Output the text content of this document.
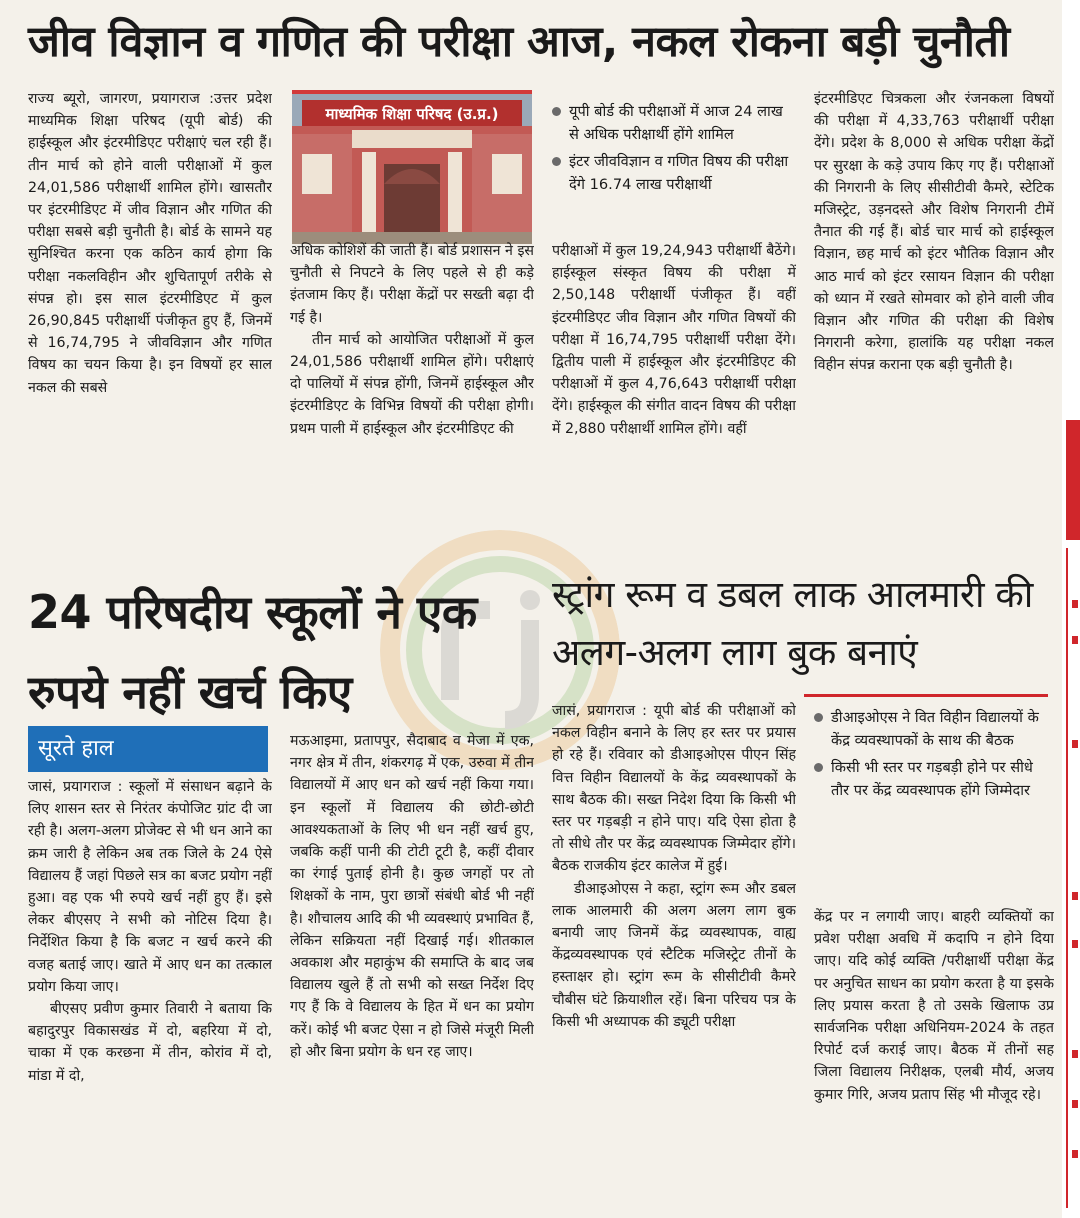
जीव विज्ञान व गणित की परीक्षा आज, नकल रोकना बड़ी चुनौती

राज्य ब्यूरो, जागरण, प्रयागराज :उत्तर प्रदेश माध्यमिक शिक्षा परिषद (यूपी बोर्ड) की हाईस्कूल और इंटरमीडिएट परीक्षाएं चल रही हैं। तीन मार्च को होने वाली परीक्षाओं में कुल 24,01,586 परीक्षार्थी शामिल होंगे। खासतौर पर इंटरमीडिएट में जीव विज्ञान और गणित की परीक्षा सबसे बड़ी चुनौती है। बोर्ड के सामने यह सुनिश्चित करना एक कठिन कार्य होगा कि परीक्षा नकलविहीन और शुचितापूर्ण तरीके से संपन्न हो। इस साल इंटरमीडिएट में कुल 26,90,845 परीक्षार्थी पंजीकृत हुए हैं, जिनमें से 16,74,795 ने जीवविज्ञान और गणित विषय का चयन किया है। इन विषयों हर साल नकल की सबसे

माध्यमिक शिक्षा परिषद (उ.प्र.)	यूपी बोर्ड की परीक्षाओं में आज 24 लाख से अधिक परीक्षार्थी होंगे शामिल
इंटर जीवविज्ञान व गणित विषय की परीक्षा देंगे 16.74 लाख परीक्षार्थी

अधिक कोशिशें की जाती हैं। बोर्ड प्रशासन ने इस चुनौती से निपटने के लिए पहले से ही कड़े इंतजाम किए हैं। परीक्षा केंद्रों पर सख्ती बढ़ा दी गई है।

तीन मार्च को आयोजित परीक्षाओं में कुल 24,01,586 परीक्षार्थी शामिल होंगे। परीक्षाएं दो पालियों में संपन्न होंगी, जिनमें हाईस्कूल और इंटरमीडिएट के विभिन्न विषयों की परीक्षा होगी। प्रथम पाली में हाईस्कूल और इंटरमीडिएट की

परीक्षाओं में कुल 19,24,943 परीक्षार्थी बैठेंगे। हाईस्कूल संस्कृत विषय की परीक्षा में 2,50,148 परीक्षार्थी पंजीकृत हैं। वहीं इंटरमीडिएट जीव विज्ञान और गणित विषयों की परीक्षा में 16,74,795 परीक्षार्थी परीक्षा देंगे। द्वितीय पाली में हाईस्कूल और इंटरमीडिएट की परीक्षाओं में कुल 4,76,643 परीक्षार्थी परीक्षा देंगे। हाईस्कूल की संगीत वादन विषय की परीक्षा में 2,880 परीक्षार्थी शामिल होंगे। वहीं

इंटरमीडिएट चित्रकला और रंजनकला विषयों की परीक्षा में 4,33,763 परीक्षार्थी परीक्षा देंगे। प्रदेश के 8,000 से अधिक परीक्षा केंद्रों पर सुरक्षा के कड़े उपाय किए गए हैं। परीक्षाओं की निगरानी के लिए सीसीटीवी कैमरे, स्टेटिक मजिस्ट्रेट, उड़नदस्ते और विशेष निगरानी टीमें तैनात की गई हैं। बोर्ड चार मार्च को हाईस्कूल विज्ञान, छह मार्च को इंटर भौतिक विज्ञान और आठ मार्च को इंटर रसायन विज्ञान की परीक्षा को ध्यान में रखते सोमवार को होने वाली जीव विज्ञान और गणित की परीक्षा की विशेष निगरानी करेगा, हालांकि यह परीक्षा नकल विहीन संपन्न कराना एक बड़ी चुनौती है।

24 परिषदीय स्कूलों ने एक रुपये नहीं खर्च किए
स्ट्रांग रूम व डबल लाक आलमारी की अलग-अलग लाग बुक बनाएं
सूरते हाल

जासं, प्रयागराज : स्कूलों में संसाधन बढ़ाने के लिए शासन स्तर से निरंतर कंपोजिट ग्रांट दी जा रही है। अलग-अलग प्रोजेक्ट से भी धन आने का क्रम जारी है लेकिन अब तक जिले के 24 ऐसे विद्यालय हैं जहां पिछले सत्र का बजट प्रयोग नहीं हुआ। वह एक भी रुपये खर्च नहीं हुए हैं। इसे लेकर बीएसए ने सभी को नोटिस दिया है। निर्देशित किया है कि बजट न खर्च करने की वजह बताई जाए। खाते में आए धन का तत्काल प्रयोग किया जाए।

बीएसए प्रवीण कुमार तिवारी ने बताया कि बहादुरपुर विकासखंड में दो, बहरिया में दो, चाका में एक करछना में तीन, कोरांव में दो, मांडा में दो,

मऊआइमा, प्रतापपुर, सैदाबाद व मेजा में एक, नगर क्षेत्र में तीन, शंकरगढ़ में एक, उरुवा में तीन विद्यालयों में आए धन को खर्च नहीं किया गया। इन स्कूलों में विद्यालय की छोटी-छोटी आवश्यकताओं के लिए भी धन नहीं खर्च हुए, जबकि कहीं पानी की टोटी टूटी है, कहीं दीवार का रंगाई पुताई होनी है। कुछ जगहों पर तो शिक्षकों के नाम, पुरा छात्रों संबंधी बोर्ड भी नहीं है। शौचालय आदि की भी व्यवस्थाएं प्रभावित हैं, लेकिन सक्रियता नहीं दिखाई गई। शीतकाल अवकाश और महाकुंभ की समाप्ति के बाद जब विद्यालय खुले हैं तो सभी को सख्त निर्देश दिए गए हैं कि वे विद्यालय के हित में धन का प्रयोग करें। कोई भी बजट ऐसा न हो जिसे मंजूरी मिली हो और बिना प्रयोग के धन रह जाए।

जासं, प्रयागराज : यूपी बोर्ड की परीक्षाओं को नकल विहीन बनाने के लिए हर स्तर पर प्रयास हो रहे हैं। रविवार को डीआइओएस पीएन सिंह वित्त विहीन विद्यालयों के केंद्र व्यवस्थापकों के साथ बैठक की। सख्त निदेश दिया कि किसी भी स्तर पर गड़बड़ी न होने पाए। यदि ऐसा होता है तो सीधे तौर पर केंद्र व्यवस्थापक जिम्मेदार होंगे। बैठक राजकीय इंटर कालेज में हुई।

डीआइओएस ने कहा, स्ट्रांग रूम और डबल लाक आलमारी की अलग अलग लाग बुक बनायी जाए जिनमें केंद्र व्यवस्थापक, वाह्य केंद्रव्यवस्थापक एवं स्टैटिक मजिस्ट्रेट तीनों के हस्ताक्षर हो। स्ट्रांग रूम के सीसीटीवी कैमरे चौबीस घंटे क्रियाशील रहें। बिना परिचय पत्र के किसी भी अध्यापक की ड्यूटी परीक्षा

डीआइओएस ने वित विहीन विद्यालयों के केंद्र व्यवस्थापकों के साथ की बैठक
किसी भी स्तर पर गड़बड़ी होने पर सीधे तौर पर केंद्र व्यवस्थापक होंगे जिम्मेदार

केंद्र पर न लगायी जाए। बाहरी व्यक्तियों का प्रवेश परीक्षा अवधि में कदापि न होने दिया जाए। यदि कोई व्यक्ति /परीक्षार्थी परीक्षा केंद्र पर अनुचित साधन का प्रयोग करता है या इसके लिए प्रयास करता है तो उसके खिलाफ उप्र सार्वजनिक परीक्षा अधिनियम-2024 के तहत रिपोर्ट दर्ज कराई जाए। बैठक में तीनों सह जिला विद्यालय निरीक्षक, एलबी मौर्य, अजय कुमार गिरि, अजय प्रताप सिंह भी मौजूद रहे।
